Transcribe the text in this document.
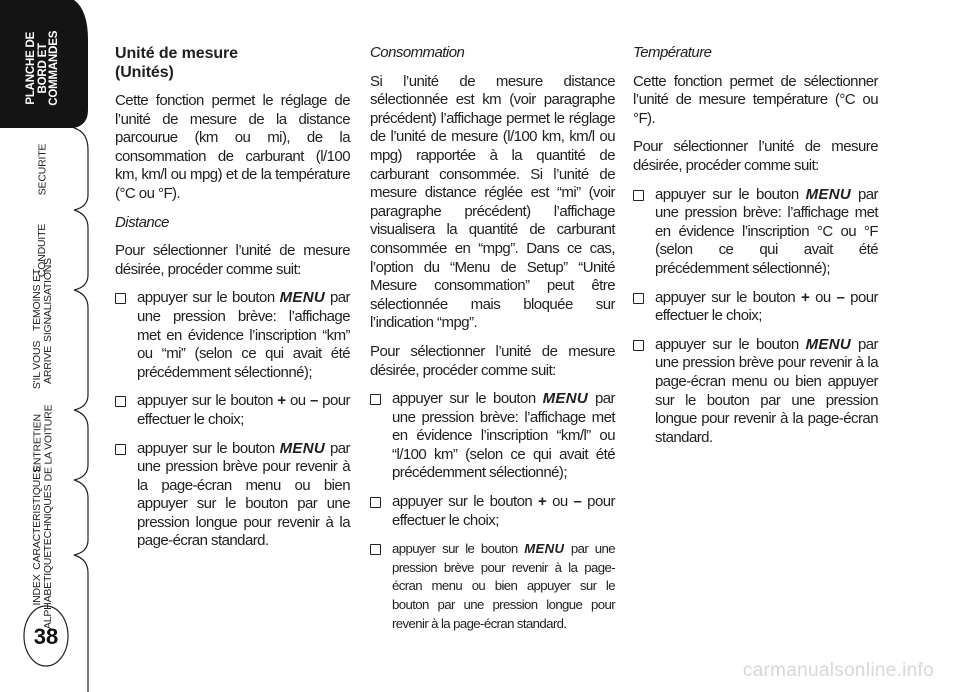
PLANCHE DE
BORD ET
COMMANDES
SECURITE
CONDUITE
TEMOINS ET
SIGNALISATIONS
S'IL VOUS
ARRIVE
ENTRETIEN
DE LA VOITURE
CARACTERISTIQUES
TECHNIQUES
INDEX
ALPHABETIQUE
38
Unité de mesure
(Unités)

Cette fonction permet le réglage de l’unité de mesure de la distance parcourue (km ou mi), de la consommation de carburant (l/100 km, km/l ou mpg) et de la température (°C ou °F).

Distance

Pour sélectionner l’unité de mesure désirée, procéder comme suit:

appuyer sur le bouton MENU par une pression brève: l’affichage met en évidence l’inscription “km” ou “mi” (selon ce qui avait été précédemment sélectionné);
appuyer sur le bouton + ou – pour effectuer le choix;
appuyer sur le bouton MENU par une pression brève pour revenir à la page-écran menu ou bien appuyer sur le bouton par une pression longue pour revenir à la page-écran standard.
Consommation

Si l’unité de mesure distance sélectionnée est km (voir paragraphe précédent) l’affichage permet le réglage de l’unité de mesure (l/100 km, km/l ou mpg) rapportée à la quantité de carburant consommée. Si l’unité de mesure distance réglée est “mi” (voir paragraphe précédent) l’affichage visualisera la quantité de carburant consommée en “mpg”. Dans ce cas, l’option du “Menu de Setup” “Unité Mesure consommation” peut être sélectionnée mais bloquée sur l’indication “mpg”.

Pour sélectionner l’unité de mesure désirée, procéder comme suit:

appuyer sur le bouton MENU par une pression brève: l’affichage met en évidence l’inscription “km/l” ou “l/100 km” (selon ce qui avait été précédemment sélectionné);
appuyer sur le bouton + ou – pour effectuer le choix;
appuyer sur le bouton MENU par une pression brève pour revenir à la page-écran menu ou bien appuyer sur le bouton par une pression longue pour revenir à la page-écran standard.
Température

Cette fonction permet de sélectionner l’unité de mesure température (°C ou °F).

Pour sélectionner l’unité de mesure désirée, procéder comme suit:

appuyer sur le bouton MENU par une pression brève: l’affichage met en évidence l’inscription °C ou °F (selon ce qui avait été précédemment sélectionné);
appuyer sur le bouton + ou – pour effectuer le choix;
appuyer sur le bouton MENU par une pression brève pour revenir à la page-écran menu ou bien appuyer sur le bouton par une pression longue pour revenir à la page-écran standard.
carmanualsonline.info
